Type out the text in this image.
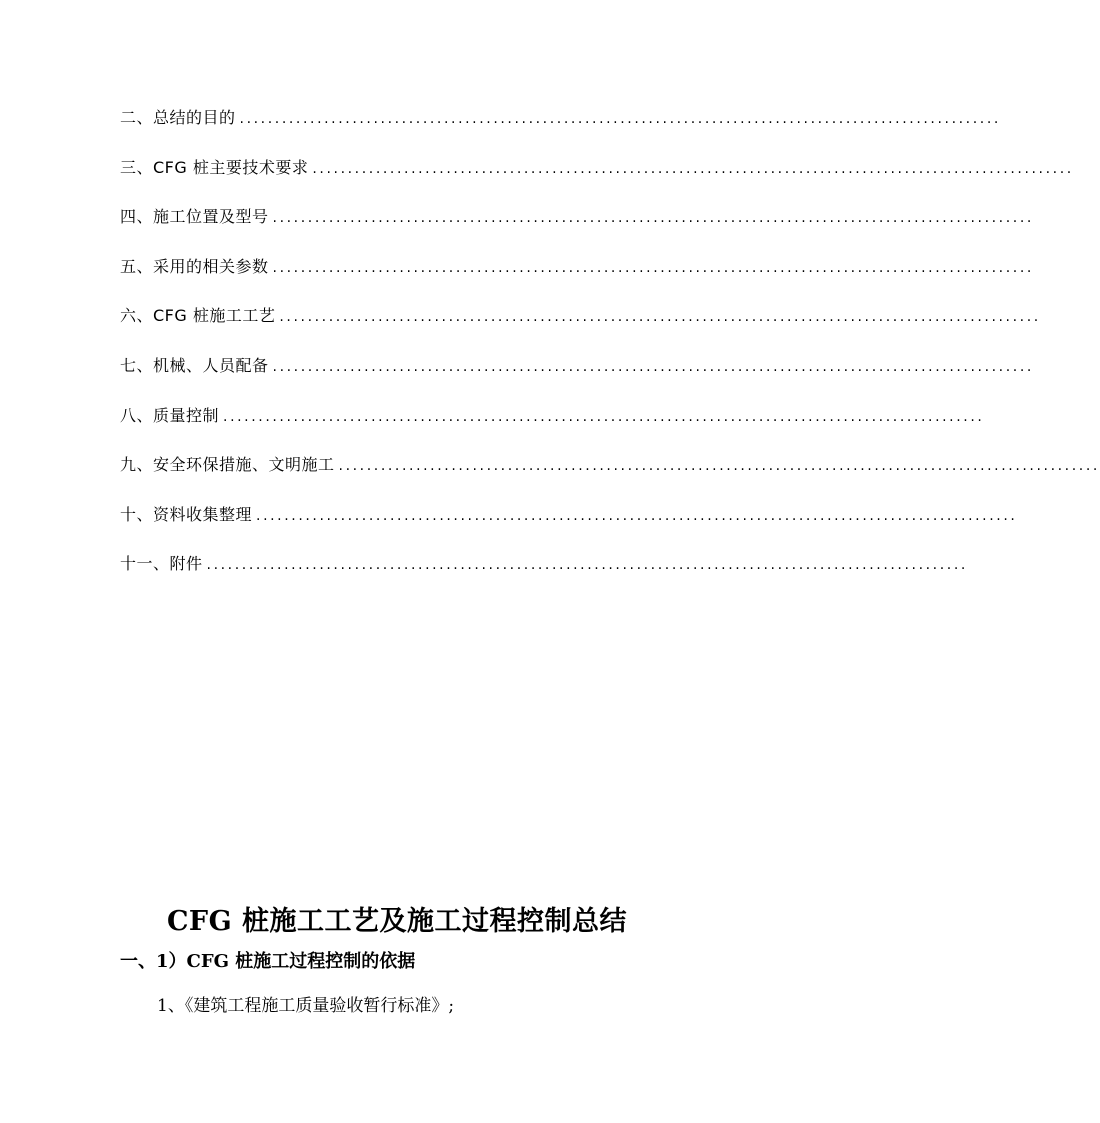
二、总结的目的 ............................................................................................................
三、CFG 桩主要技术要求 ............................................................................................................
四、施工位置及型号 ............................................................................................................
五、采用的相关参数 ............................................................................................................
六、CFG 桩施工工艺 ............................................................................................................
七、机械、人员配备 ............................................................................................................
八、质量控制 ............................................................................................................
九、安全环保措施、文明施工 ............................................................................................................
十、资料收集整理 ............................................................................................................
十一、附件 ............................................................................................................
CFG 桩施工工艺及施工过程控制总结
一、1）CFG 桩施工过程控制的依据
1、《建筑工程施工质量验收暂行标准》;
